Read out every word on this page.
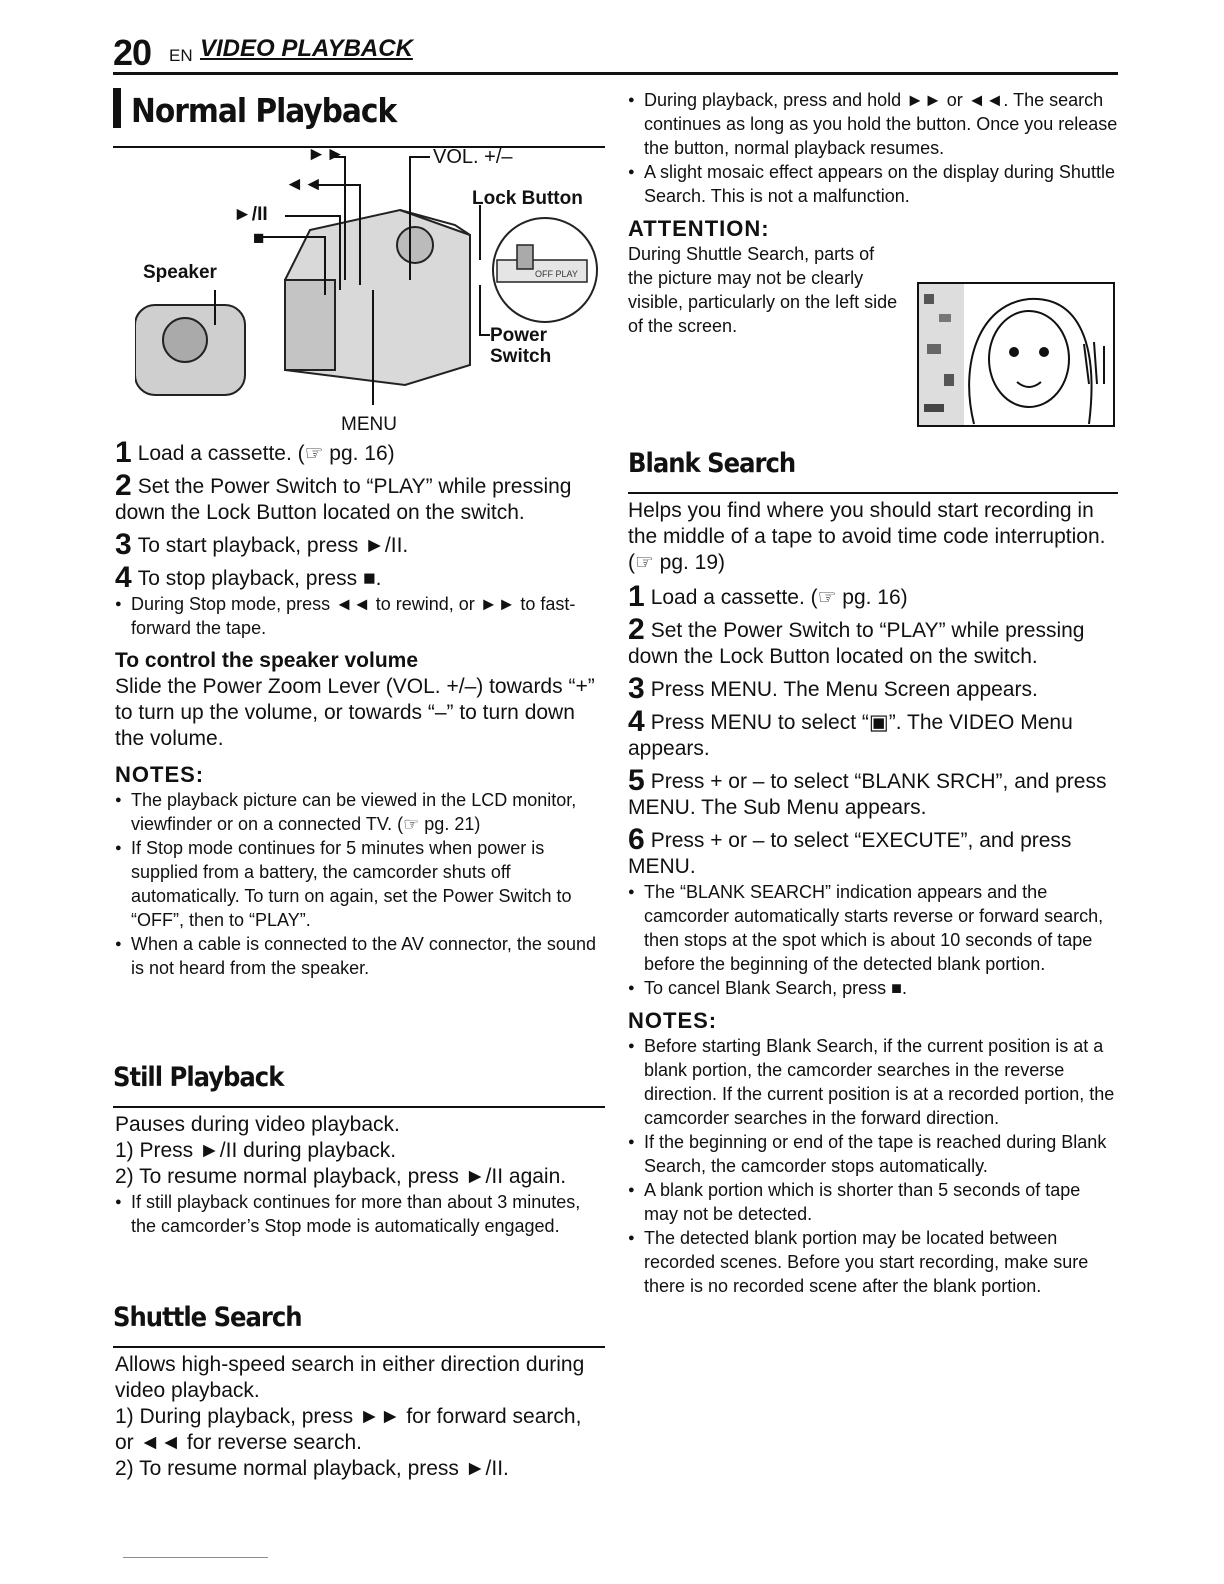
20 EN VIDEO PLAYBACK
Normal Playback
OFF PLAY
►►
◄◄
►/II
■
VOL. +/–
Lock Button
Speaker
Power
Switch
MENU

1 Load a cassette. (☞ pg. 16)

2 Set the Power Switch to “PLAY” while pressing down the Lock Button located on the switch.

3 To start playback, press ►/II.

4 To stop playback, press ■.

● During Stop mode, press ◄◄ to rewind, or ►► to fast-forward the tape.

To control the speaker volume

Slide the Power Zoom Lever (VOL. +/–) towards “+” to turn up the volume, or towards “–” to turn down the volume.

NOTES:

● The playback picture can be viewed in the LCD monitor, viewfinder or on a connected TV. (☞ pg. 21)

● If Stop mode continues for 5 minutes when power is supplied from a battery, the camcorder shuts off automatically. To turn on again, set the Power Switch to “OFF”, then to “PLAY”.

● When a cable is connected to the AV connector, the sound is not heard from the speaker.

Still Playback

Pauses during video playback.

1) Press ►/II during playback.

2) To resume normal playback, press ►/II again.

● If still playback continues for more than about 3 minutes, the camcorder’s Stop mode is automatically engaged.

Shuttle Search

Allows high-speed search in either direction during video playback.

1) During playback, press ►► for forward search, or ◄◄ for reverse search.

2) To resume normal playback, press ►/II.

● During playback, press and hold ►► or ◄◄. The search continues as long as you hold the button. Once you release the button, normal playback resumes.

● A slight mosaic effect appears on the display during Shuttle Search. This is not a malfunction.

ATTENTION:

During Shuttle Search, parts of the picture may not be clearly visible, particularly on the left side of the screen.

Blank Search

Helps you find where you should start recording in the middle of a tape to avoid time code interruption. (☞ pg. 19)

1 Load a cassette. (☞ pg. 16)

2 Set the Power Switch to “PLAY” while pressing down the Lock Button located on the switch.

3 Press MENU. The Menu Screen appears.

4 Press MENU to select “▣”. The VIDEO Menu appears.

5 Press + or – to select “BLANK SRCH”, and press MENU. The Sub Menu appears.

6 Press + or – to select “EXECUTE”, and press MENU.

● The “BLANK SEARCH” indication appears and the camcorder automatically starts reverse or forward search, then stops at the spot which is about 10 seconds of tape before the beginning of the detected blank portion.

● To cancel Blank Search, press ■.

NOTES:

● Before starting Blank Search, if the current position is at a blank portion, the camcorder searches in the reverse direction. If the current position is at a recorded portion, the camcorder searches in the forward direction.

● If the beginning or end of the tape is reached during Blank Search, the camcorder stops automatically.

● A blank portion which is shorter than 5 seconds of tape may not be detected.

● The detected blank portion may be located between recorded scenes. Before you start recording, make sure there is no recorded scene after the blank portion.
